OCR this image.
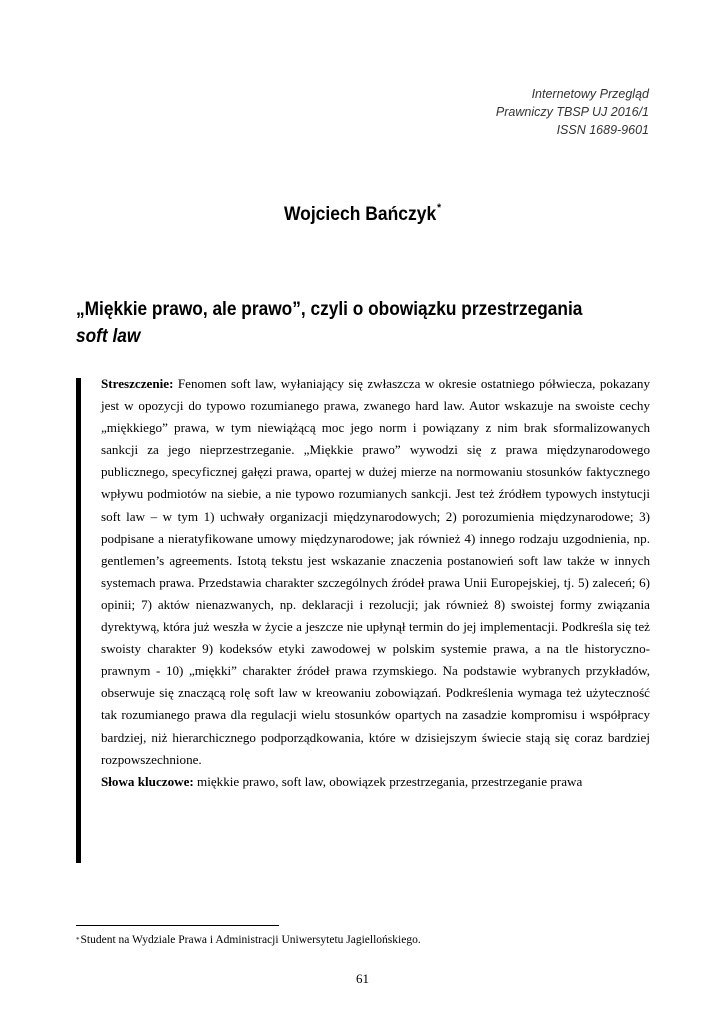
Internetowy Przegląd
Prawniczy TBSP UJ 2016/1
ISSN 1689-9601
Wojciech Bańczyk*
„Miękkie prawo, ale prawo”, czyli o obowiązku przestrzegania
soft law

Streszczenie: Fenomen soft law, wyłaniający się zwłaszcza w okresie ostatniego półwiecza, pokazany jest w opozycji do typowo rozumianego prawa, zwanego hard law. Autor wskazuje na swoiste cechy „miękkiego” prawa, w tym niewiążącą moc jego norm i powiązany z nim brak sformalizowanych sankcji za jego nieprzestrzeganie. „Miękkie prawo” wywodzi się z prawa międzynarodowego publicznego, specyficznej gałęzi prawa, opartej w dużej mierze na normowaniu stosunków faktycznego wpływu podmiotów na siebie, a nie typowo rozumianych sankcji. Jest też źródłem typowych instytucji soft law – w tym 1) uchwały organizacji międzynarodowych; 2) porozumienia międzynarodowe; 3) podpisane a nieratyfikowane umowy międzynarodowe; jak również 4) innego rodzaju uzgodnienia, np. gentlemen’s agreements. Istotą tekstu jest wskazanie znaczenia postanowień soft law także w innych systemach prawa. Przedstawia charakter szczególnych źródeł prawa Unii Europejskiej, tj. 5) zaleceń; 6) opinii; 7) aktów nienazwanych, np. deklaracji i rezolucji; jak również 8) swoistej formy związania dyrektywą, która już weszła w życie a jeszcze nie upłynął termin do jej implementacji. Podkreśla się też swoisty charakter 9) kodeksów etyki zawodowej w polskim systemie prawa, a na tle historyczno-prawnym - 10) „miękki” charakter źródeł prawa rzymskiego. Na podstawie wybranych przykładów, obserwuje się znaczącą rolę soft law w kreowaniu zobowiązań. Podkreślenia wymaga też użyteczność tak rozumianego prawa dla regulacji wielu stosunków opartych na zasadzie kompromisu i współpracy bardziej, niż hierarchicznego podporządkowania, które w dzisiejszym świecie stają się coraz bardziej rozpowszechnione.

Słowa kluczowe: miękkie prawo, soft law, obowiązek przestrzegania, przestrzeganie prawa

*Student na Wydziale Prawa i Administracji Uniwersytetu Jagiellońskiego.
61
